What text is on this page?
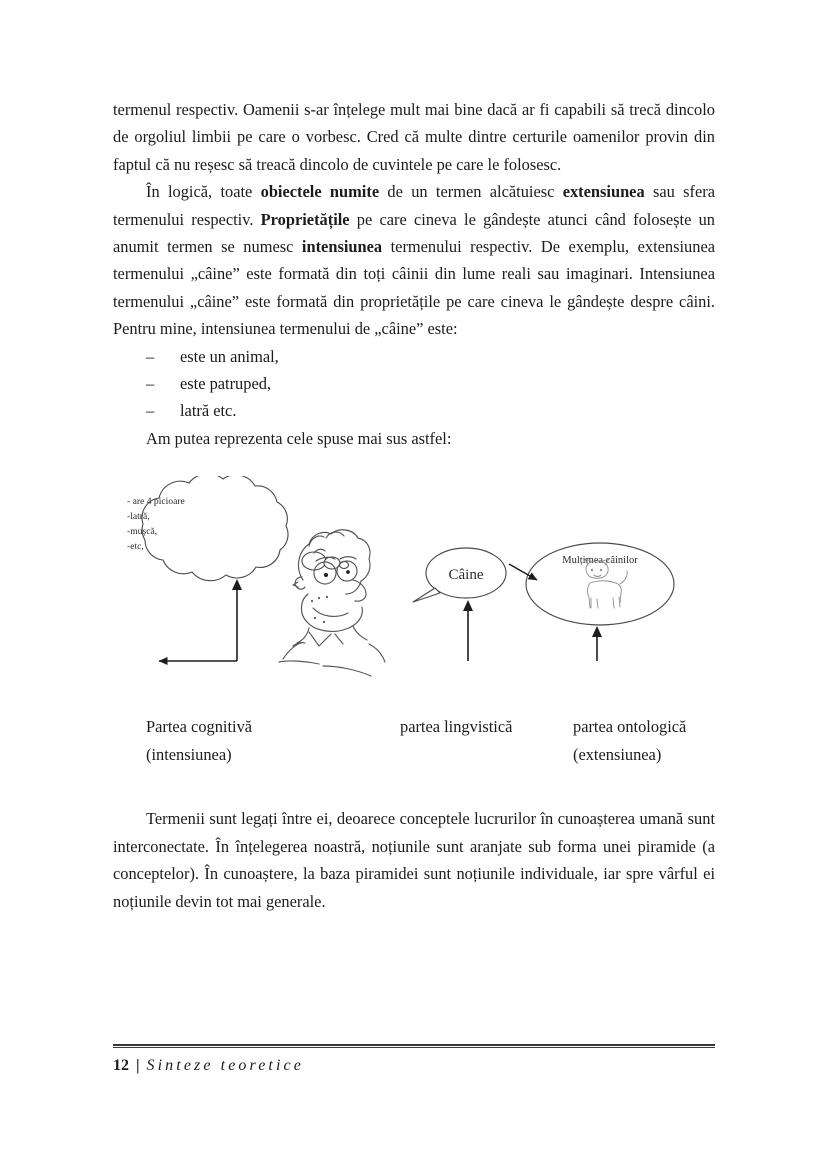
termenul respectiv. Oamenii s-ar înțelege mult mai bine dacă ar fi capabili să trecă dincolo de orgoliul limbii pe care o vorbesc. Cred că multe dintre certurile oamenilor provin din faptul că nu reșesc să treacă dincolo de cuvintele pe care le folosesc.

În logică, toate obiectele numite de un termen alcătuiesc extensiunea sau sfera termenului respectiv. Proprietățile pe care cineva le gândește atunci când folosește un anumit termen se numesc intensiunea termenului respectiv. De exemplu, extensiunea termenului „câine” este formată din toți câinii din lume reali sau imaginari. Intensiunea termenului „câine” este formată din proprietățile pe care cineva le gândește despre câini. Pentru mine, intensiunea termenului de „câine” este:

– este un animal,
– este patruped,
– latră etc.

Am putea reprezenta cele spuse mai sus astfel:

- are 4 picioare
-latră,
-mușcă,
-etc,
Câine
Mulțimea câinilor
Partea cognitivă
(intensiunea)
partea lingvistică	partea ontologică
(extensiunea)

Termenii sunt legați între ei, deoarece conceptele lucrurilor în cunoașterea umană sunt interconectate. În înțelegerea noastră, noțiunile sunt aranjate sub forma unei piramide (a conceptelor). În cunoaștere, la baza piramidei sunt noțiunile individuale, iar spre vârful ei noțiunile devin tot mai generale.

12 | Sinteze teoretice
